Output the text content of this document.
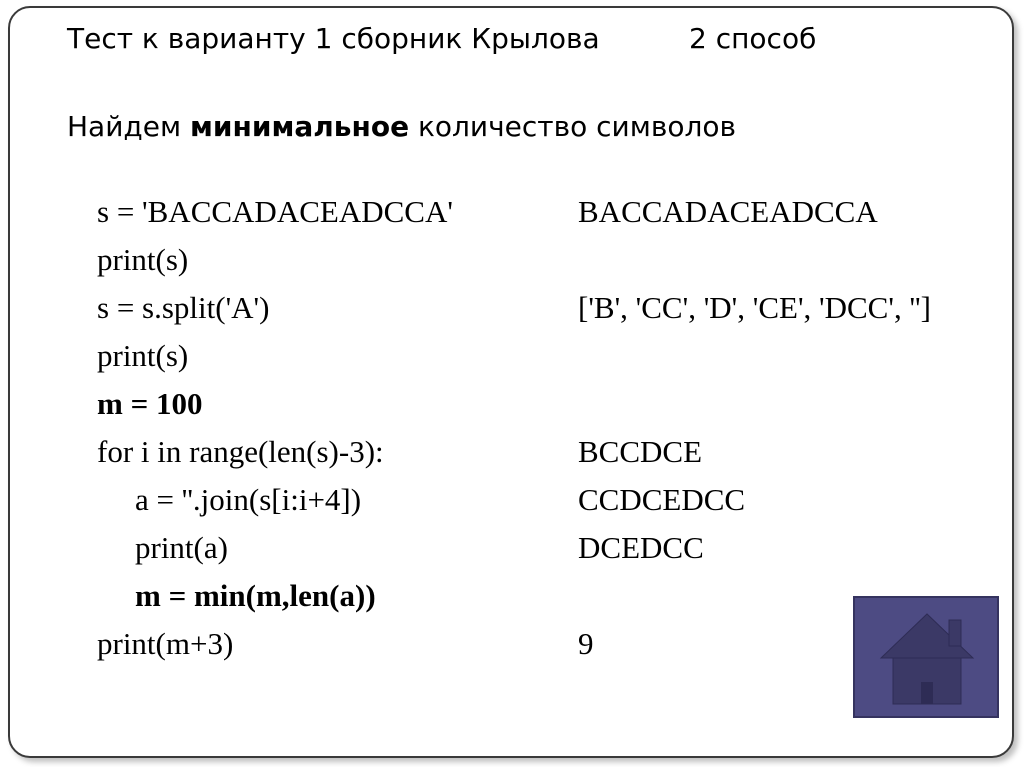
Тест к варианту 1 сборник Крылова	2 способ
Найдем минимальное количество символов
s = 'BACCADACEADCCA'
print(s)
s = s.split('A')
print(s)
m = 100
for i in range(len(s)-3):
a = ''.join(s[i:i+4])
print(a)
m = min(m,len(a))
print(m+3)
BACCADACEADCCA
['B', 'CC', 'D', 'CE', 'DCC', '']
BCCDCE
CCDCEDCC
DCEDCC
9
